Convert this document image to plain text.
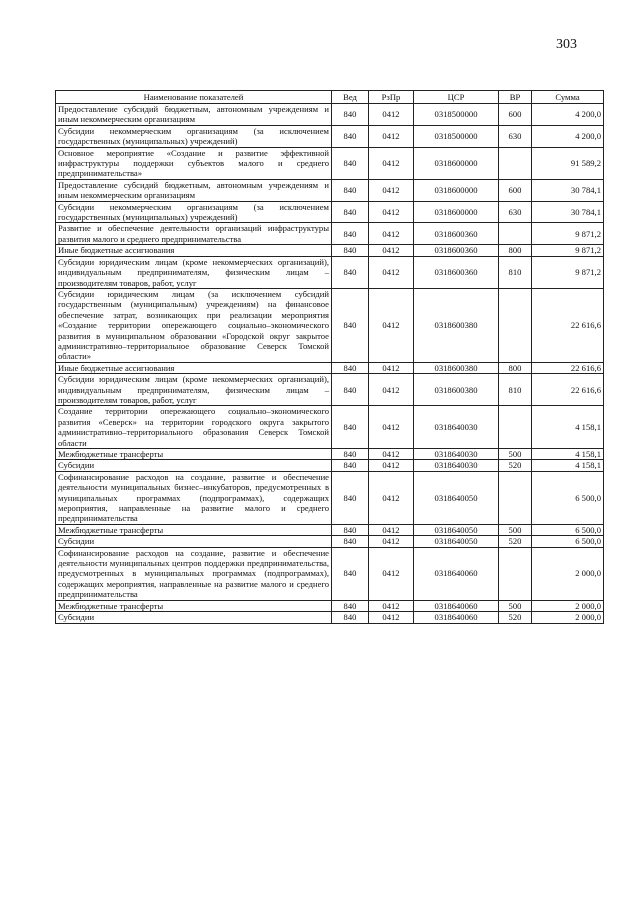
303
Наименование показателей	Вед	РзПр	ЦСР	ВР	Сумма
Предоставление субсидий бюджетным, автономным учреждениям и иным некоммерческим организациям	840	0412	0318500000	600	4 200,0
Субсидии некоммерческим организациям (за исключением государственных (муниципальных) учреждений)	840	0412	0318500000	630	4 200,0
Основное мероприятие «Создание и развитие эффективной инфраструктуры поддержки субъектов малого и среднего предпринимательства»	840	0412	0318600000		91 589,2
Предоставление субсидий бюджетным, автономным учреждениям и иным некоммерческим организациям	840	0412	0318600000	600	30 784,1
Субсидии некоммерческим организациям (за исключением государственных (муниципальных) учреждений)	840	0412	0318600000	630	30 784,1
Развитие и обеспечение деятельности организаций инфраструктуры развития малого и среднего предпринимательства	840	0412	0318600360		9 871,2
Иные бюджетные ассигнования	840	0412	0318600360	800	9 871,2
Субсидии юридическим лицам (кроме некоммерческих организаций), индивидуальным предпринимателям, физическим лицам – производителям товаров, работ, услуг	840	0412	0318600360	810	9 871,2
Субсидии юридическим лицам (за исключением субсидий государственным (муниципальным) учреждениям) на финансовое обеспечение затрат, возникающих при реализации мероприятия «Создание территории опережающего социально–экономического развития в муниципальном образовании «Городской округ закрытое административно–территориальное образование Северск Томской области»	840	0412	0318600380		22 616,6
Иные бюджетные ассигнования	840	0412	0318600380	800	22 616,6
Субсидии юридическим лицам (кроме некоммерческих организаций), индивидуальным предпринимателям, физическим лицам – производителям товаров, работ, услуг	840	0412	0318600380	810	22 616,6
Создание территории опережающего социально–экономического развития «Северск» на территории городского округа закрытого административно–территориального образования Северск Томской области	840	0412	0318640030		4 158,1
Межбюджетные трансферты	840	0412	0318640030	500	4 158,1
Субсидии	840	0412	0318640030	520	4 158,1
Софинансирование расходов на создание, развитие и обеспечение деятельности муниципальных бизнес–инкубаторов, предусмотренных в муниципальных программах (подпрограммах), содержащих мероприятия, направленные на развитие малого и среднего предпринимательства	840	0412	0318640050		6 500,0
Межбюджетные трансферты	840	0412	0318640050	500	6 500,0
Субсидии	840	0412	0318640050	520	6 500,0
Софинансирование расходов на создание, развитие и обеспечение деятельности муниципальных центров поддержки предпринимательства, предусмотренных в муниципальных программах (подпрограммах), содержащих мероприятия, направленные на развитие малого и среднего предпринимательства	840	0412	0318640060		2 000,0
Межбюджетные трансферты	840	0412	0318640060	500	2 000,0
Субсидии	840	0412	0318640060	520	2 000,0
